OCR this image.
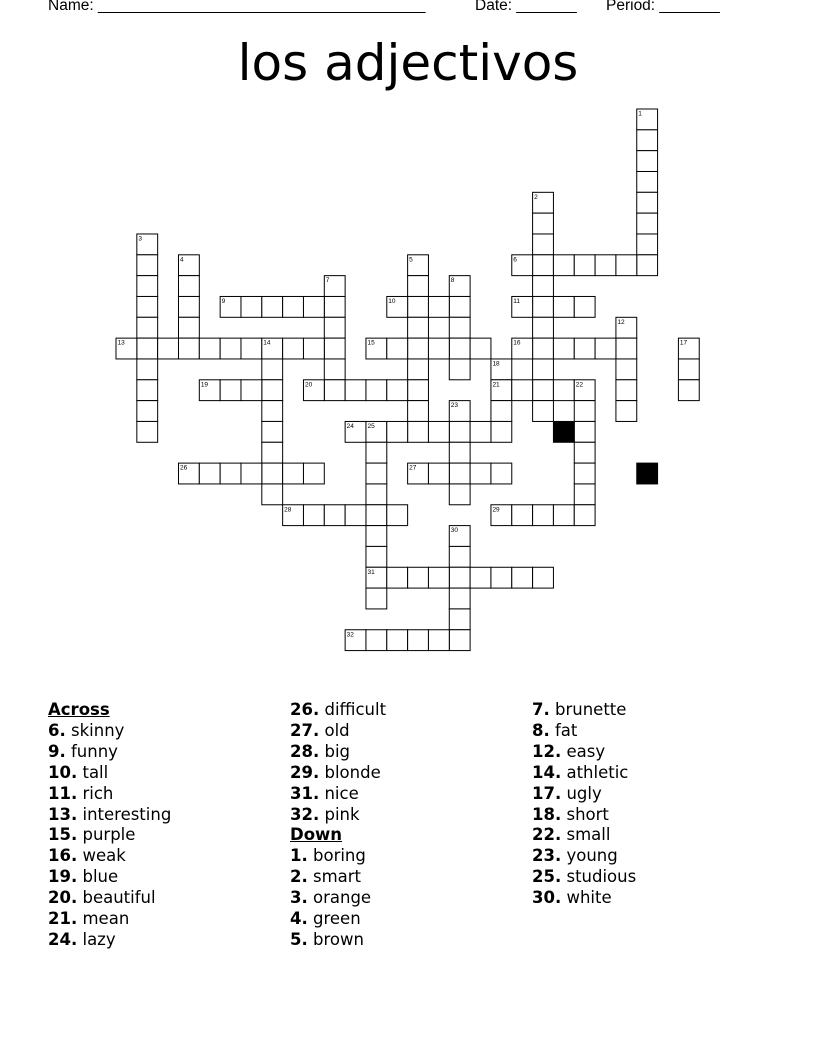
Name: ______________________________________	Date: _______ Period: _______
los adjectivos
1
2
3
4	5	6
7	8
9	10	11
12
13	14	15	16	17
18
19	20	21	22
23
24 25
26	27
28	29
30
31
32
Across
6. skinny
9. funny
10. tall
11. rich
13. interesting
15. purple
16. weak
19. blue
20. beautiful
21. mean
24. lazy
26. difficult
27. old
28. big
29. blonde
31. nice
32. pink
Down
1. boring
2. smart
3. orange
4. green
5. brown
7. brunette
8. fat
12. easy
14. athletic
17. ugly
18. short
22. small
23. young
25. studious
30. white
